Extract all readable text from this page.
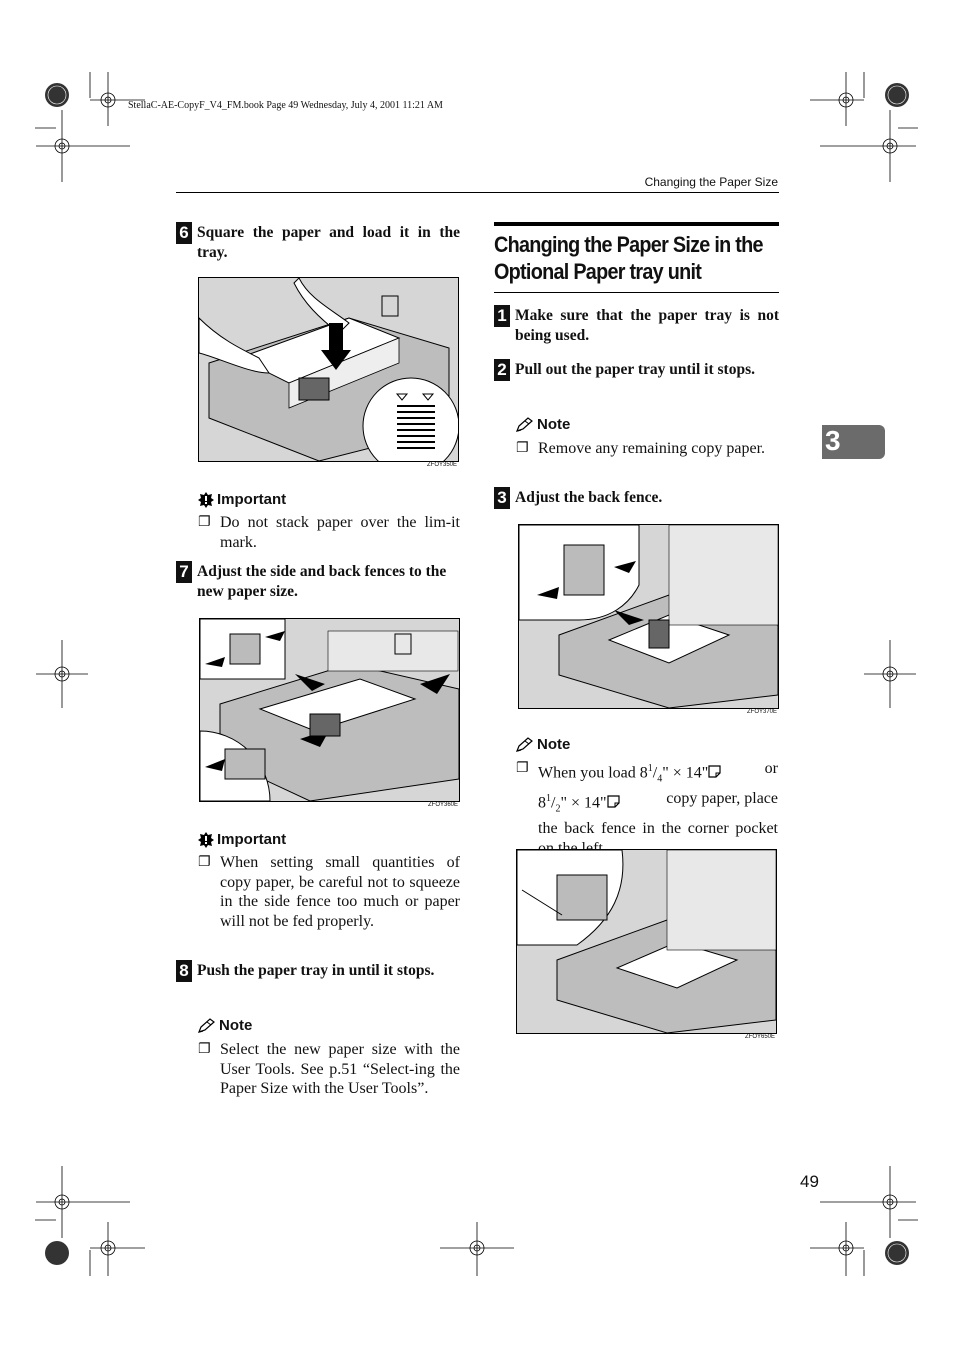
StellaC-AE-CopyF_V4_FM.book Page 49 Wednesday, July 4, 2001 11:21 AM
Changing the Paper Size
6 Square the paper and load it in the tray.
ZFOY350E
Important
❐ Do not stack paper over the lim-it mark.
7 Adjust the side and back fences to the new paper size.
ZFOY360E
Important
❐ When setting small quantities of copy paper, be careful not to squeeze in the side fence too much or paper will not be fed properly.
8 Push the paper tray in until it stops.
Note
❐ Select the new paper size with the User Tools. See p.51 “Select-ing the Paper Size with the User Tools”.
Changing the Paper Size in the
Optional Paper tray unit
1 Make sure that the paper tray is not being used.
2 Pull out the paper tray until it stops.
Note
❐ Remove any remaining copy paper.
3 Adjust the back fence.
ZFOY370E
Note
❐ When you load $8^1/_4$" × 14"	or
$8^1/_2$" × 14"	copy paper, place
the back fence in the corner pocket
ZFOY650E
3
49
